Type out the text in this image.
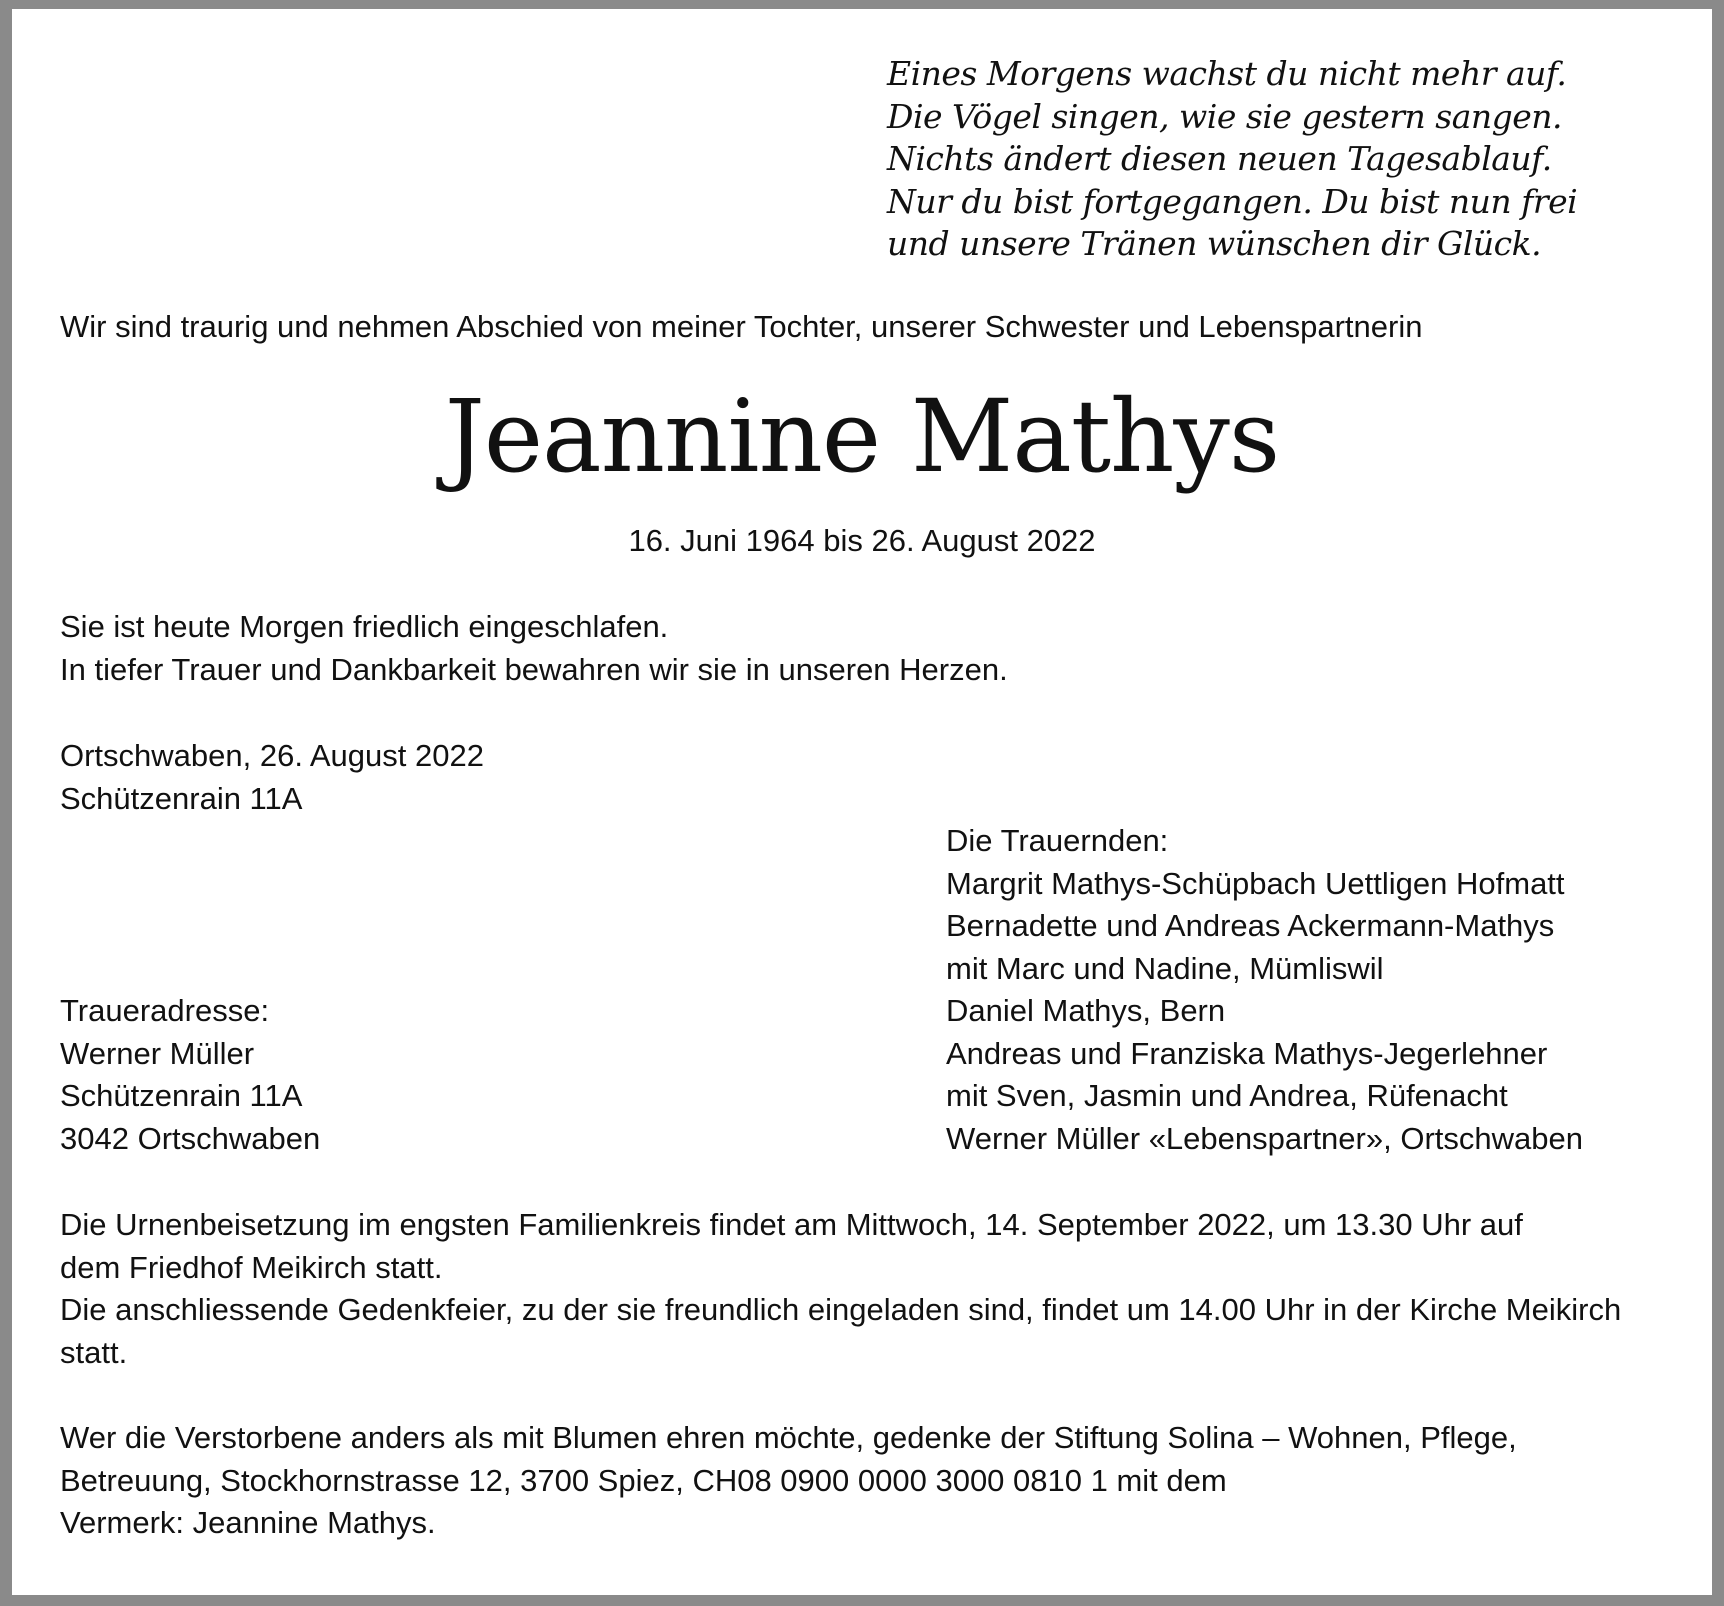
Eines Morgens wachst du nicht mehr auf.
Die Vögel singen, wie sie gestern sangen.
Nichts ändert diesen neuen Tagesablauf.
Nur du bist fortgegangen. Du bist nun frei
und unsere Tränen wünschen dir Glück.
Wir sind traurig und nehmen Abschied von meiner Tochter, unserer Schwester und Lebenspartnerin
Jeannine Mathys
16. Juni 1964 bis 26. August 2022
Sie ist heute Morgen friedlich eingeschlafen.
In tiefer Trauer und Dankbarkeit bewahren wir sie in unseren Herzen.
Ortschwaben, 26. August 2022
Schützenrain 11A
Die Trauernden:
Margrit Mathys-Schüpbach Uettligen Hofmatt
Bernadette und Andreas Ackermann-Mathys
mit Marc und Nadine, Mümliswil
Daniel Mathys, Bern
Andreas und Franziska Mathys-Jegerlehner
mit Sven, Jasmin und Andrea, Rüfenacht
Werner Müller «Lebenspartner», Ortschwaben
Traueradresse:
Werner Müller
Schützenrain 11A
3042 Ortschwaben
Die Urnenbeisetzung im engsten Familienkreis findet am Mittwoch, 14. September 2022, um 13.30 Uhr auf
dem Friedhof Meikirch statt.
Die anschliessende Gedenkfeier, zu der sie freundlich eingeladen sind, findet um 14.00 Uhr in der Kirche Meikirch
statt.
Wer die Verstorbene anders als mit Blumen ehren möchte, gedenke der Stiftung Solina – Wohnen, Pflege,
Betreuung, Stockhornstrasse 12, 3700 Spiez, CH08 0900 0000 3000 0810 1 mit dem
Vermerk: Jeannine Mathys.
